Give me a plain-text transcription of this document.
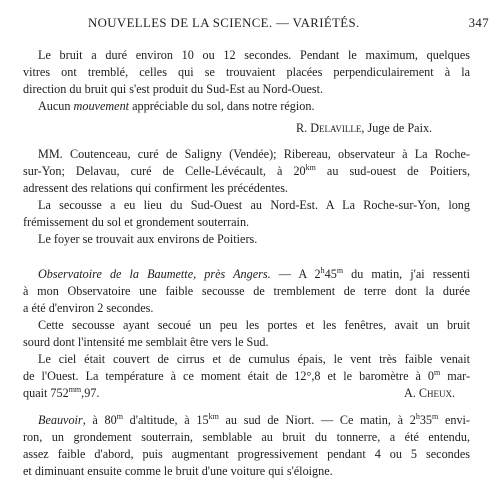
NOUVELLES DE LA SCIENCE. — VARIÉTÉS.	347
Le bruit a duré environ 10 ou 12 secondes. Pendant le maximum, quelques
vitres ont tremblé, celles qui se trouvaient placées perpendiculairement à la
direction du bruit qui s'est produit du Sud-Est au Nord-Ouest.
Aucun mouvement appréciable du sol, dans notre région.
R. Delaville, Juge de Paix.
MM. Coutenceau, curé de Saligny (Vendée); Ribereau, observateur à La Roche-
sur-Yon; Delavau, curé de Celle-Lévécault, à $20^{km}$ au sud-ouest de Poitiers,
adressent des relations qui confirment les précédentes.
La secousse a eu lieu du Sud-Ouest au Nord-Est. A La Roche-sur-Yon, long
frémissement du sol et grondement souterrain.
Le foyer se trouvait aux environs de Poitiers.
Observatoire de la Baumette, près Angers. — A 2$^h$45$^m$ du matin, j'ai ressenti
à mon Observatoire une faible secousse de tremblement de terre dont la durée
a été d'environ 2 secondes.
Cette secousse ayant secoué un peu les portes et les fenêtres, avait un bruit
sourd dont l'intensité me semblait être vers le Sud.
Le ciel était couvert de cirrus et de cumulus épais, le vent très faible venait
de l'Ouest. La température à ce moment était de 12°,8 et le baromètre à 0$^m$ mar-
quait $752^{mm},97$.	A. Cheux.
Beauvoir, à 80$^m$ d'altitude, à $15^{km}$ au sud de Niort. — Ce matin, à 2$^h$35$^m$ envi-
ron, un grondement souterrain, semblable au bruit du tonnerre, a été entendu,
assez faible d'abord, puis augmentant progressivement pendant 4 ou 5 secondes
et diminuant ensuite comme le bruit d'une voiture qui s'éloigne.
